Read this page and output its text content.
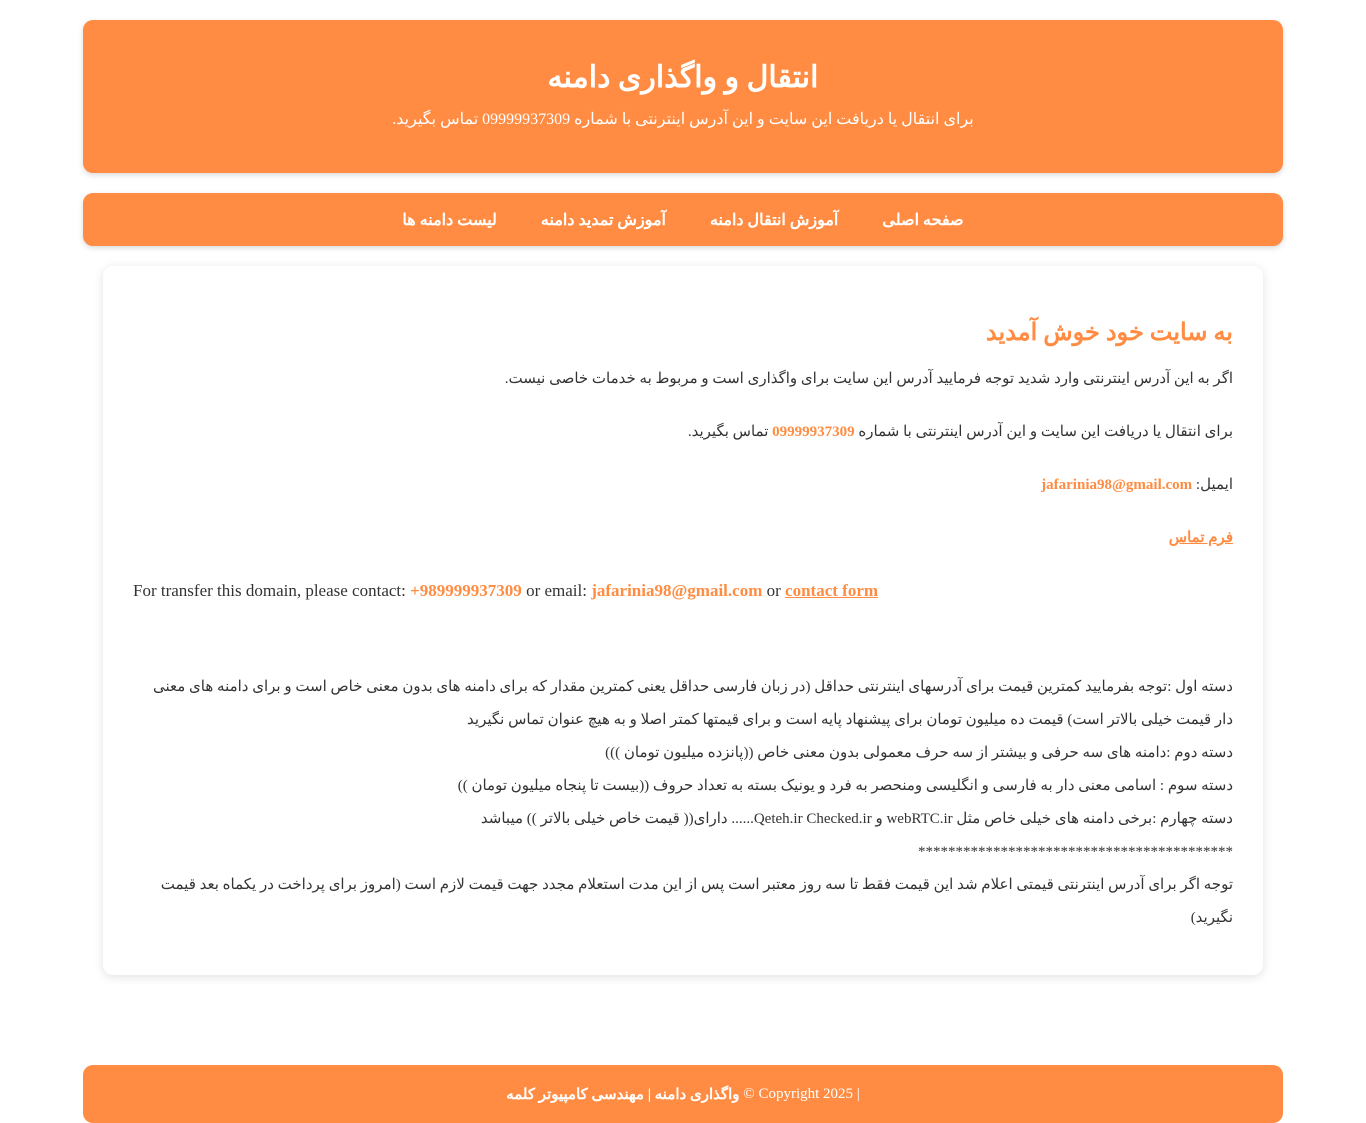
انتقال و واگذاری دامنه

برای انتقال یا دریافت این سایت و این آدرس اینترنتی با شماره 09999937309 تماس بگیرید.

صفحه اصلی
آموزش انتقال دامنه
آموزش تمدید دامنه
لیست دامنه ها
به سایت خود خوش آمدید

اگر به این آدرس اینترنتی وارد شدید توجه فرمایید آدرس این سایت برای واگذاری است و مربوط به خدمات خاصی نیست.

برای انتقال یا دریافت این سایت و این آدرس اینترنتی با شماره 09999937309 تماس بگیرید.

ایمیل: jafarinia98@gmail.com

فرم تماس

For transfer this domain, please contact: +989999937309 or email: jafarinia98@gmail.com or contact form

دسته اول :توجه بفرمایید کمترین قیمت برای آدرسهای اینترنتی حداقل (در زبان فارسی حداقل یعنی کمترین مقدار که برای دامنه های بدون معنی خاص است و برای دامنه های معنی دار قیمت خیلی بالاتر است) قیمت ده میلیون تومان برای پیشنهاد پایه است و برای قیمتها کمتر اصلا و به هیچ عنوان تماس نگیرید

دسته دوم :دامنه های سه حرفی و بیشتر از سه حرف معمولی بدون معنی خاص ((پانزده میلیون تومان )))

دسته سوم : اسامی معنی دار به فارسی و انگلیسی ومنحصر به فرد و یونیک بسته به تعداد حروف ((بیست تا پنجاه میلیون تومان ))

دسته چهارم :برخی دامنه های خیلی خاص مثل webRTC.ir و Qeteh.ir Checked.ir...... دارای(( قیمت خاص خیلی بالاتر )) میباشد

******************************************

توجه اگر برای آدرس اینترنتی قیمتی اعلام شد این قیمت فقط تا سه روز معتبر است پس از این مدت استعلام مجدد جهت قیمت لازم است (امروز برای پرداخت در یکماه بعد قیمت نگیرید)

واگذاری دامنه | مهندسی کامپیوتر کلمه
© Copyright 2025 |
